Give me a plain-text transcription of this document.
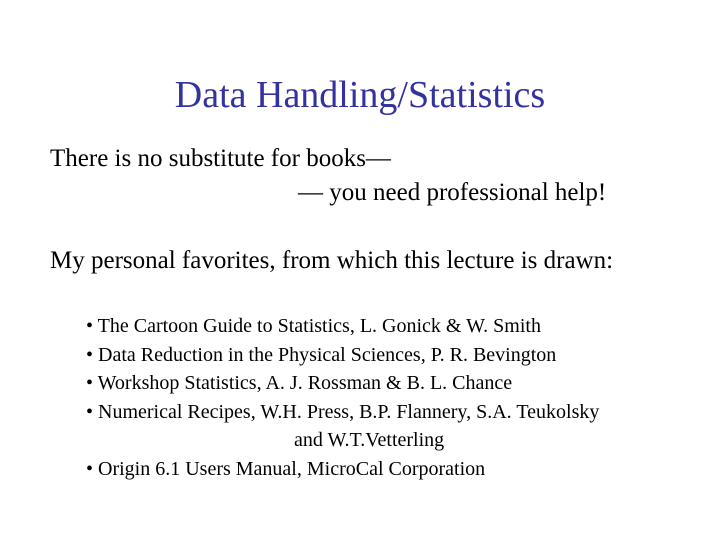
Data Handling/Statistics
There is no substitute for books—
— you need professional help!
My personal favorites, from which this lecture is drawn:
• The Cartoon Guide to Statistics, L. Gonick & W. Smith
• Data Reduction in the Physical Sciences, P. R. Bevington
• Workshop Statistics, A. J. Rossman & B. L. Chance
• Numerical Recipes, W.H. Press, B.P. Flannery, S.A. Teukolsky
and W.T.Vetterling
• Origin 6.1 Users Manual, MicroCal Corporation
